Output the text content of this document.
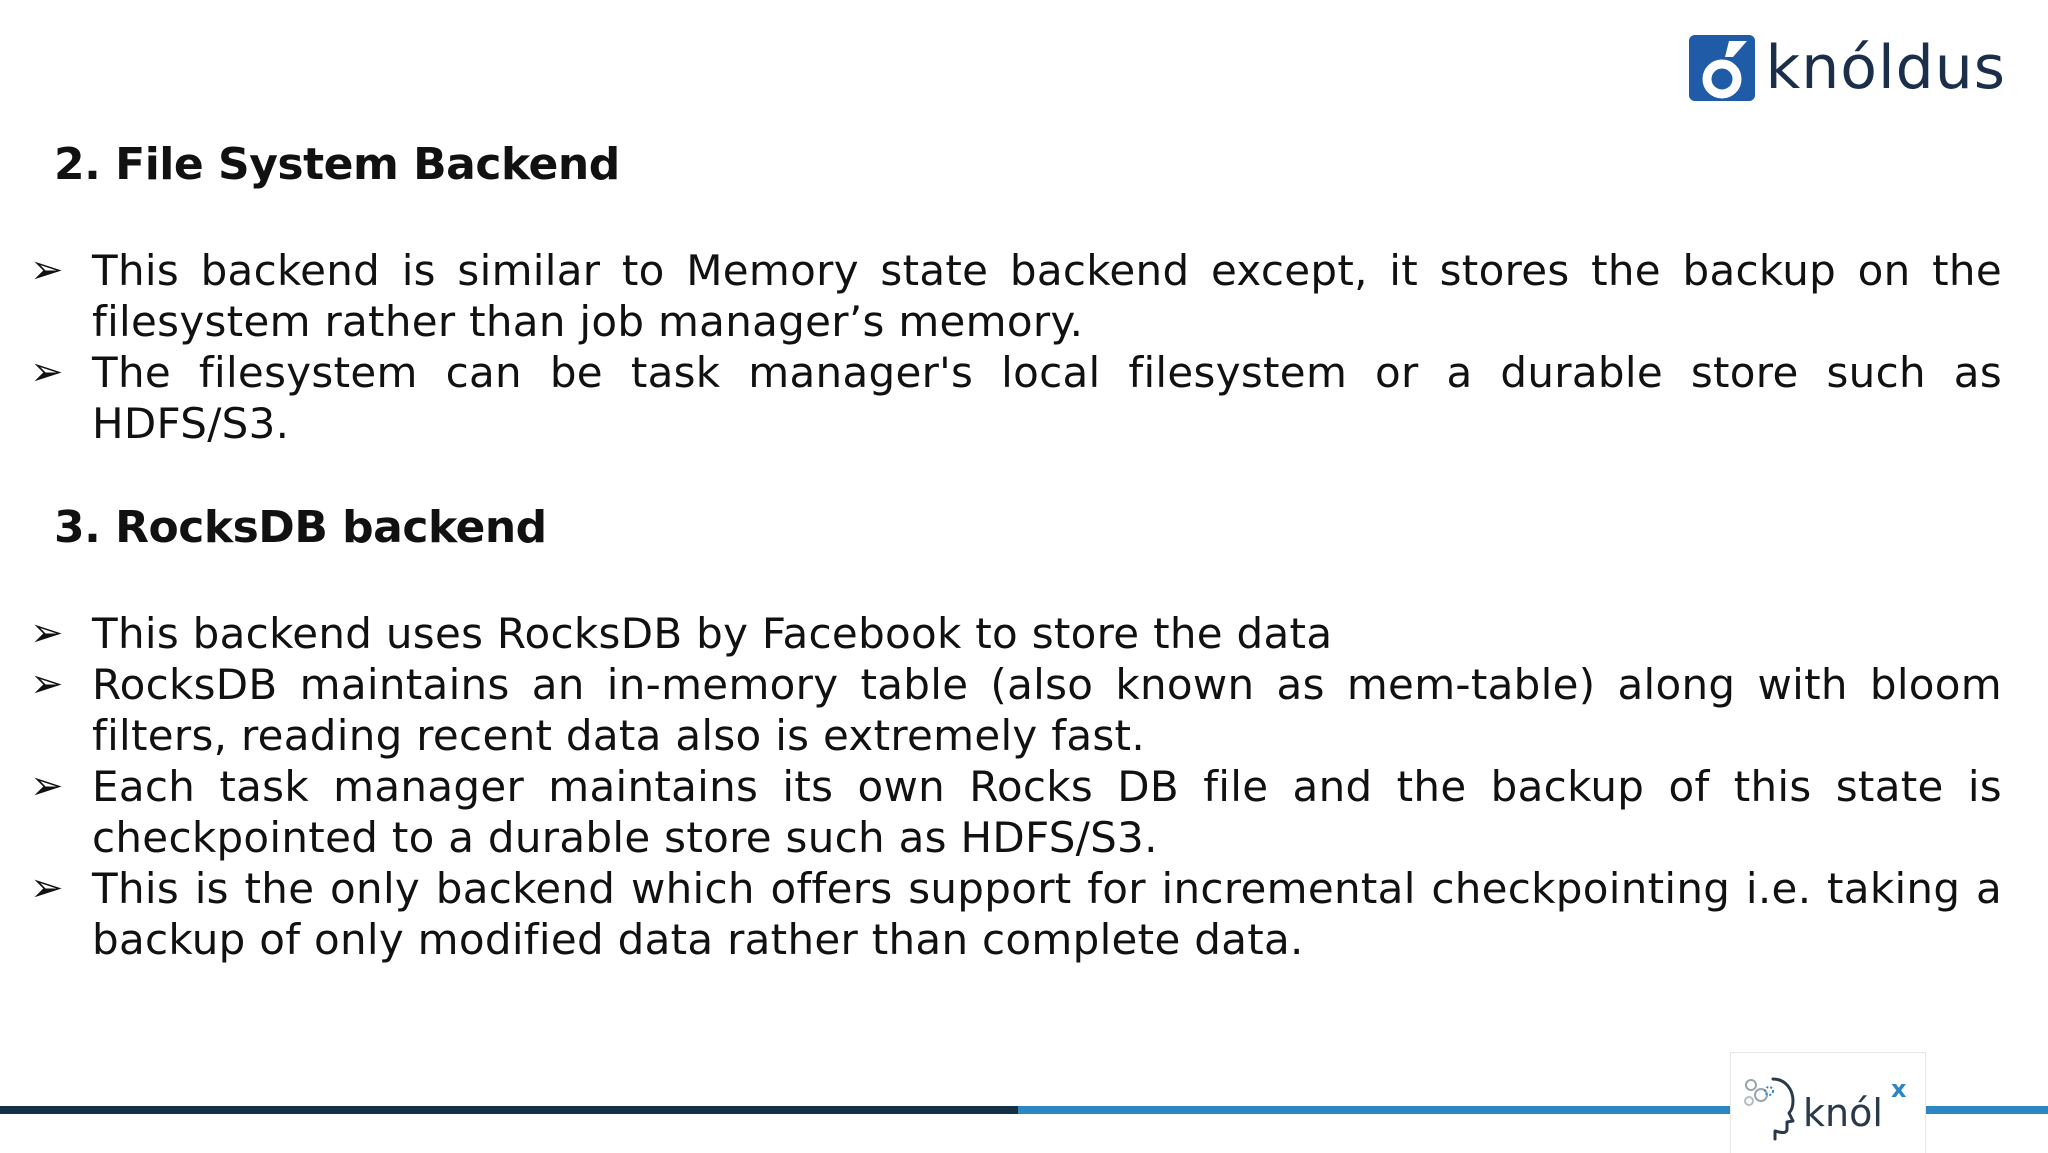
knóldus
2. File System Backend
➢ This backend is similar to Memory state backend except, it stores the backup on the filesystem rather than job manager’s memory.
➢ The filesystem can be task manager's local filesystem or a durable store such as HDFS/S3.
3. RocksDB backend
➢ This backend uses RocksDB by Facebook to store the data
➢ RocksDB maintains an in-memory table (also known as mem-table) along with bloom filters, reading recent data also is extremely fast.
➢ Each task manager maintains its own Rocks DB file and the backup of this state is checkpointed to a durable store such as HDFS/S3.
➢ This is the only backend which offers support for incremental checkpointing i.e. taking a backup of only modified data rather than complete data.
knól
x
